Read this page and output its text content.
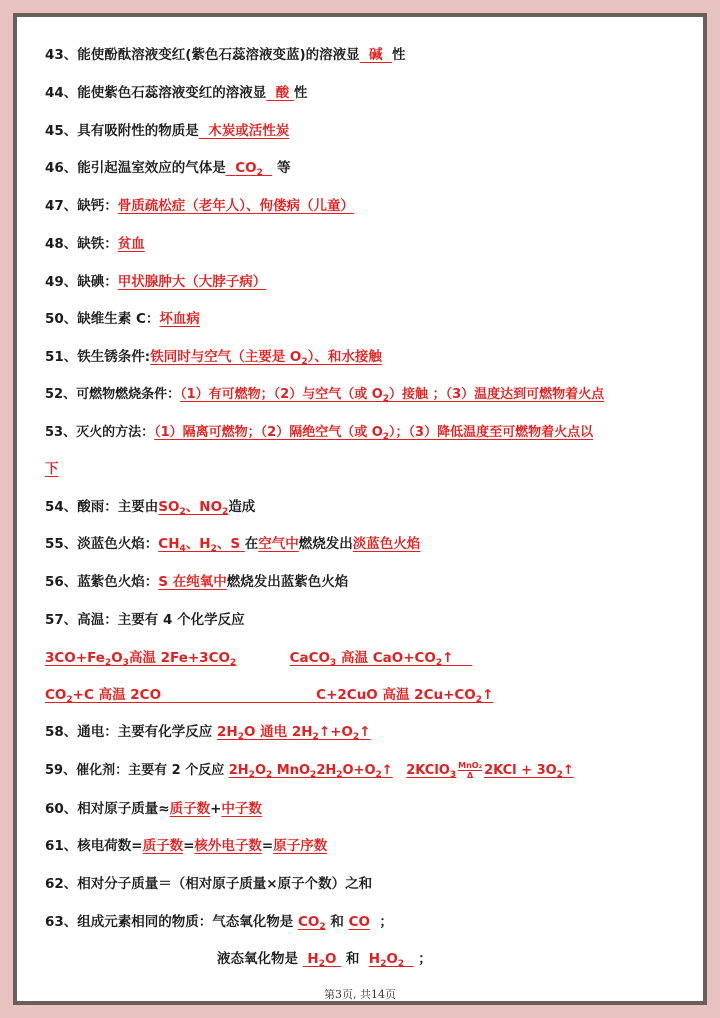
43、能使酚酞溶液变红(紫色石蕊溶液变蓝)的溶液显 碱 性
44、能使紫色石蕊溶液变红的溶液显 酸 性
45、具有吸附性的物质是 木炭或活性炭
46、能引起温室效应的气体是 $CO_2$ 等
47、缺钙：骨质疏松症（老年人）、佝偻病（儿童）
48、缺铁：贫血
49、缺碘：甲状腺肿大（大脖子病）
50、缺维生素 C：坏血病
51、铁生锈条件:铁同时与空气（主要是 $O_2$）、和水接触
52、可燃物燃烧条件：（1）有可燃物；（2）与空气（或 $O_2$）接触 ；（3）温度达到可燃物着火点
53、灭火的方法：（1）隔离可燃物；（2）隔绝空气（或 $O_2$）；（3）降低温度至可燃物着火点以
下
54、酸雨：主要由$SO_2$、$NO_2$造成
55、淡蓝色火焰：$CH_4$、$H_2$、S 在空气中燃烧发出淡蓝色火焰
56、蓝紫色火焰：S 在纯氧中燃烧发出蓝紫色火焰
57、高温：主要有 4 个化学反应
$3CO+Fe_2O_3$高温 $2Fe+3CO_2$	CaCO$_3$ 高温 $CaO+CO_2↑$
$CO_2+C$ 高温 2CO	C+2CuO 高温 $2Cu+CO_2↑$
58、通电：主要有化学反应 $2H_2O$ 通电 $2H_2↑+O_2↑$
59、催化剂：主要有 2 个反应 $2H_2O_2$ $MnO_22H_2O+O_2↑$ 2KClO$_3$ $\frac{\text{MnO₂}}{\Delta} 2KCl$ + $3O_2↑$
60、相对原子质量≈质子数+中子数
61、核电荷数=质子数=核外电子数=原子序数
62、相对分子质量＝（相对原子质量×原子个数）之和
63、组成元素相同的物质：气态氧化物是 $CO_2$ 和 CO ；
液态氧化物是 $H_2O$ 和 $H_2O_2$ ；
第3页, 共14页
